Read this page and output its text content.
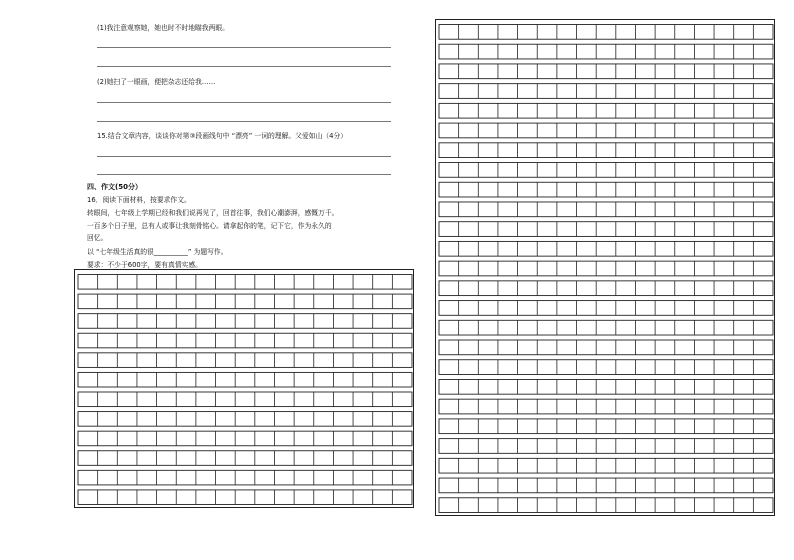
(1)我注意观察她，她也时不时地瞄我两眼。
(2)她扫了一眼画，便把杂志还给我……
15.结合文章内容，谈谈你对第③段画线句中 “漂亮” 一词的理解。父爱如山（4分）
四、作文(50分）
16．阅读下面材料，按要求作文。
转眼间，七年级上学期已经和我们说再见了，回首往事，我们心潮澎湃，感慨万千。
一百多个日子里，总有人或事让我刻骨铭心。请拿起你的笔，记下它，作为永久的
回忆。
以 “七年级生活真的很__________” 为题写作。
要求：不少于600字，要有真情实感。
